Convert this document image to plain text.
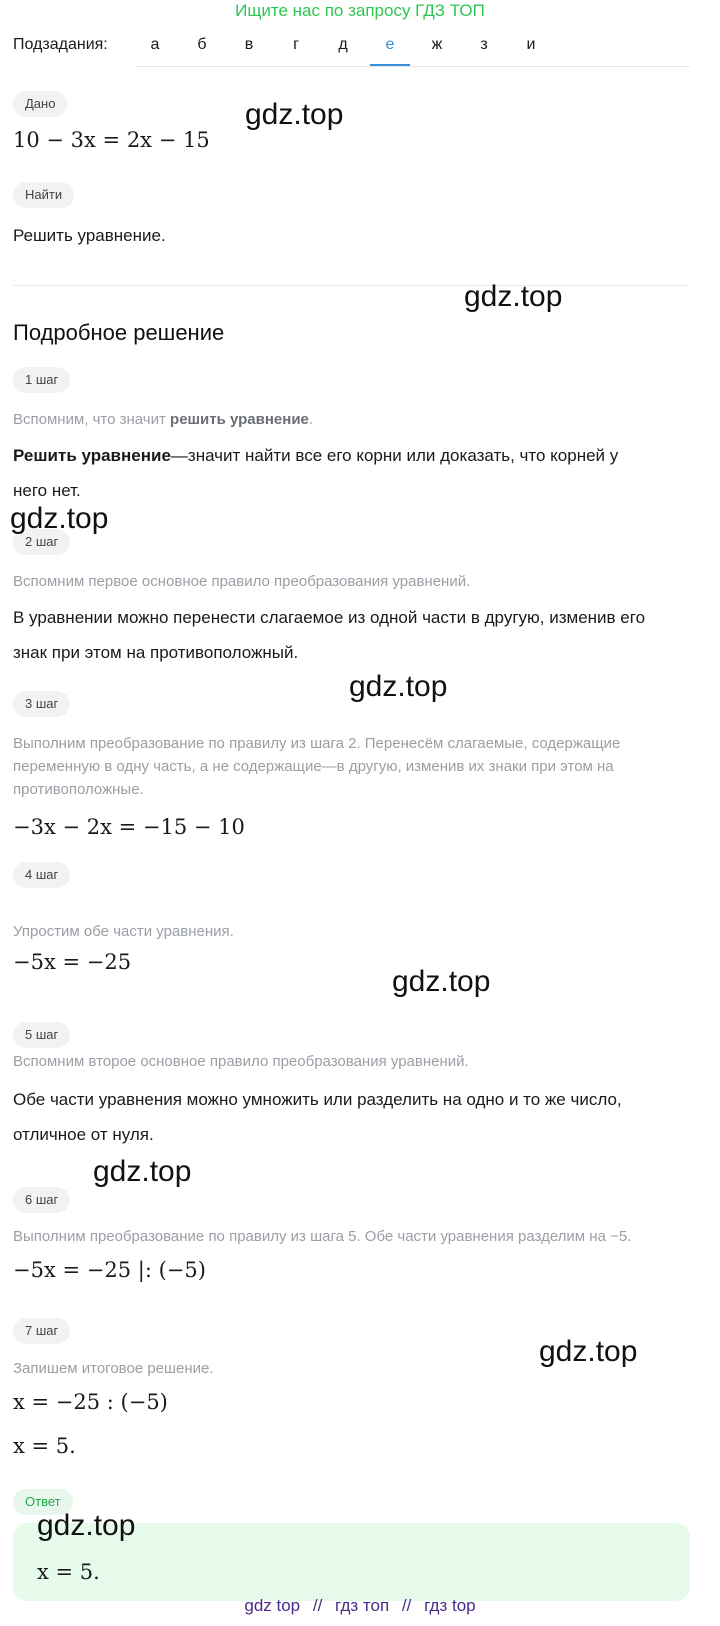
Ищите нас по запросу ГДЗ ТОП
Подзадания:	а	б	в	г	д	е	ж	з	и
Дано
10 − 3x = 2x − 15
Найти
Решить уравнение.
Подробное решение
1 шаг
Вспомним, что значит решить уравнение.
Решить уравнение—значит найти все его корни или доказать, что корней у него нет.
2 шаг
Вспомним первое основное правило преобразования уравнений.
В уравнении можно перенести слагаемое из одной части в другую, изменив его знак при этом на противоположный.
3 шаг
Выполним преобразование по правилу из шага 2. Перенесём слагаемые, содержащие переменную в одну часть, а не содержащие—в другую, изменив их знаки при этом на противоположные.
−3x − 2x = −15 − 10
4 шаг
Упростим обе части уравнения.
−5x = −25
5 шаг
Вспомним второе основное правило преобразования уравнений.
Обе части уравнения можно умножить или разделить на одно и то же число, отличное от нуля.
6 шаг
Выполним преобразование по правилу из шага 5. Обе части уравнения разделим на −5.
−5x = −25 |: (−5)
7 шаг
Запишем итоговое решение.
x = −25 : (−5)
x = 5.
Ответ
x = 5.
gdz.top
gdz.top
gdz.top
gdz.top
gdz.top
gdz.top
gdz.top
gdz.top
gdz top // гдз топ // гдз top
